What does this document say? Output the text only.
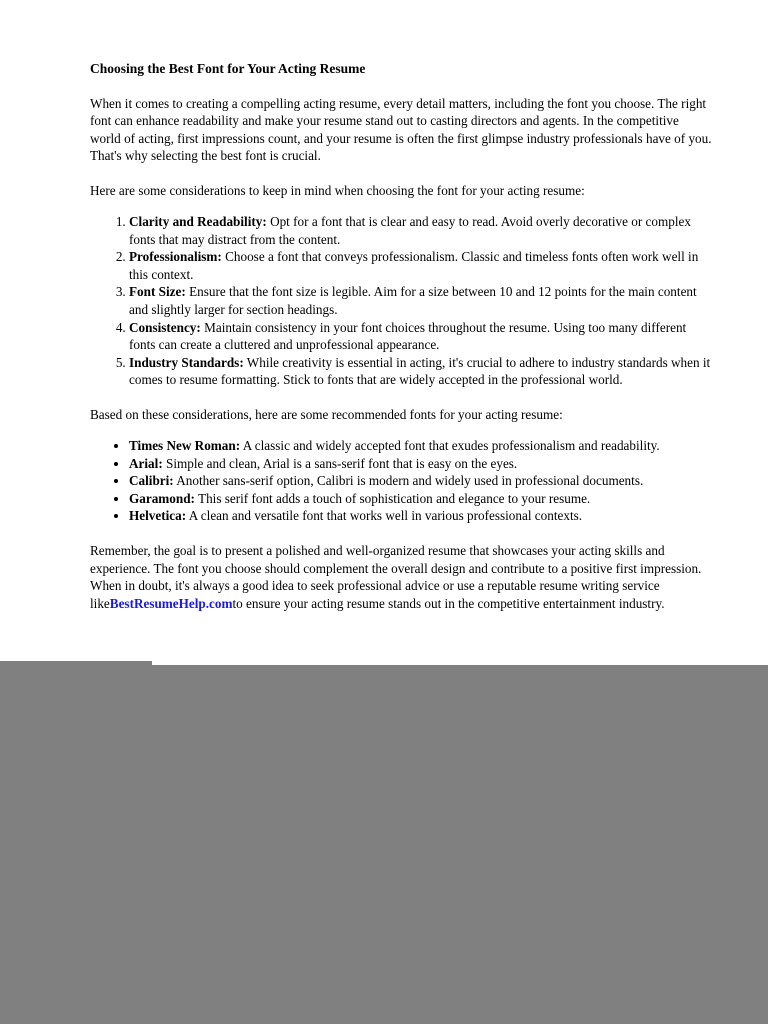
Choosing the Best Font for Your Acting Resume

When it comes to creating a compelling acting resume, every detail matters, including the font you choose. The right font can enhance readability and make your resume stand out to casting directors and agents. In the competitive world of acting, first impressions count, and your resume is often the first glimpse industry professionals have of you. That's why selecting the best font is crucial.

Here are some considerations to keep in mind when choosing the font for your acting resume:

1. Clarity and Readability: Opt for a font that is clear and easy to read. Avoid overly decorative or complex fonts that may distract from the content.
2. Professionalism: Choose a font that conveys professionalism. Classic and timeless fonts often work well in this context.
3. Font Size: Ensure that the font size is legible. Aim for a size between 10 and 12 points for the main content and slightly larger for section headings.
4. Consistency: Maintain consistency in your font choices throughout the resume. Using too many different fonts can create a cluttered and unprofessional appearance.
5. Industry Standards: While creativity is essential in acting, it's crucial to adhere to industry standards when it comes to resume formatting. Stick to fonts that are widely accepted in the professional world.

Based on these considerations, here are some recommended fonts for your acting resume:

• Times New Roman: A classic and widely accepted font that exudes professionalism and readability.
• Arial: Simple and clean, Arial is a sans-serif font that is easy on the eyes.
• Calibri: Another sans-serif option, Calibri is modern and widely used in professional documents.
• Garamond: This serif font adds a touch of sophistication and elegance to your resume.
• Helvetica: A clean and versatile font that works well in various professional contexts.

Remember, the goal is to present a polished and well-organized resume that showcases your acting skills and experience. The font you choose should complement the overall design and contribute to a positive first impression. When in doubt, it's always a good idea to seek professional advice or use a reputable resume writing service likeBestResumeHelp.comto ensure your acting resume stands out in the competitive entertainment industry.
